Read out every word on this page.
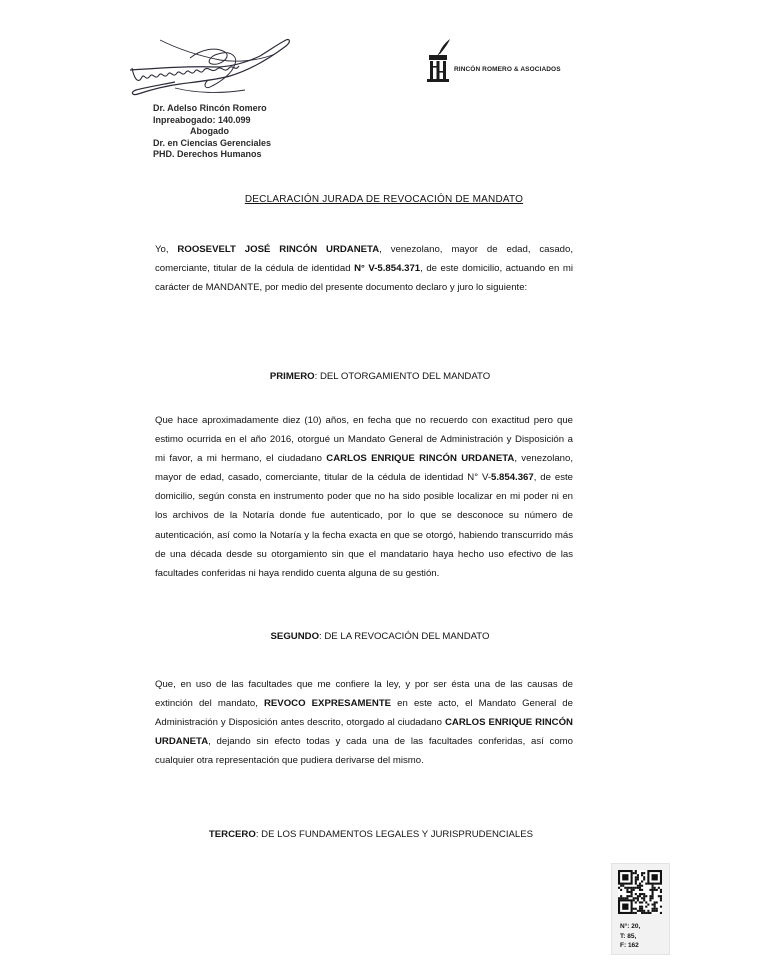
Dr. Adelso Rincón Romero
Inpreabogado: 140.099
Abogado
Dr. en Ciencias Gerenciales
PHD. Derechos Humanos
RINCÓN ROMERO & ASOCIADOS
DECLARACIÓN JURADA DE REVOCACIÓN DE MANDATO
Yo, ROOSEVELT JOSÉ RINCÓN URDANETA, venezolano, mayor de edad, casado, comerciante, titular de la cédula de identidad N° V-5.854.371, de este domicilio, actuando en mi carácter de MANDANTE, por medio del presente documento declaro y juro lo siguiente:
PRIMERO: DEL OTORGAMIENTO DEL MANDATO
Que hace aproximadamente diez (10) años, en fecha que no recuerdo con exactitud pero que estimo ocurrida en el año 2016, otorgué un Mandato General de Administración y Disposición a mi favor, a mi hermano, el ciudadano CARLOS ENRIQUE RINCÓN URDANETA, venezolano, mayor de edad, casado, comerciante, titular de la cédula de identidad N° V-5.854.367, de este domicilio, según consta en instrumento poder que no ha sido posible localizar en mi poder ni en los archivos de la Notaría donde fue autenticado, por lo que se desconoce su número de autenticación, así como la Notaría y la fecha exacta en que se otorgó, habiendo transcurrido más de una década desde su otorgamiento sin que el mandatario haya hecho uso efectivo de las facultades conferidas ni haya rendido cuenta alguna de su gestión.
SEGUNDO: DE LA REVOCACIÓN DEL MANDATO
Que, en uso de las facultades que me confiere la ley, y por ser ésta una de las causas de extinción del mandato, REVOCO EXPRESAMENTE en este acto, el Mandato General de Administración y Disposición antes descrito, otorgado al ciudadano CARLOS ENRIQUE RINCÓN URDANETA, dejando sin efecto todas y cada una de las facultades conferidas, así como cualquier otra representación que pudiera derivarse del mismo.
TERCERO: DE LOS FUNDAMENTOS LEGALES Y JURISPRUDENCIALES
N°: 20,
T: 85,
F: 162
